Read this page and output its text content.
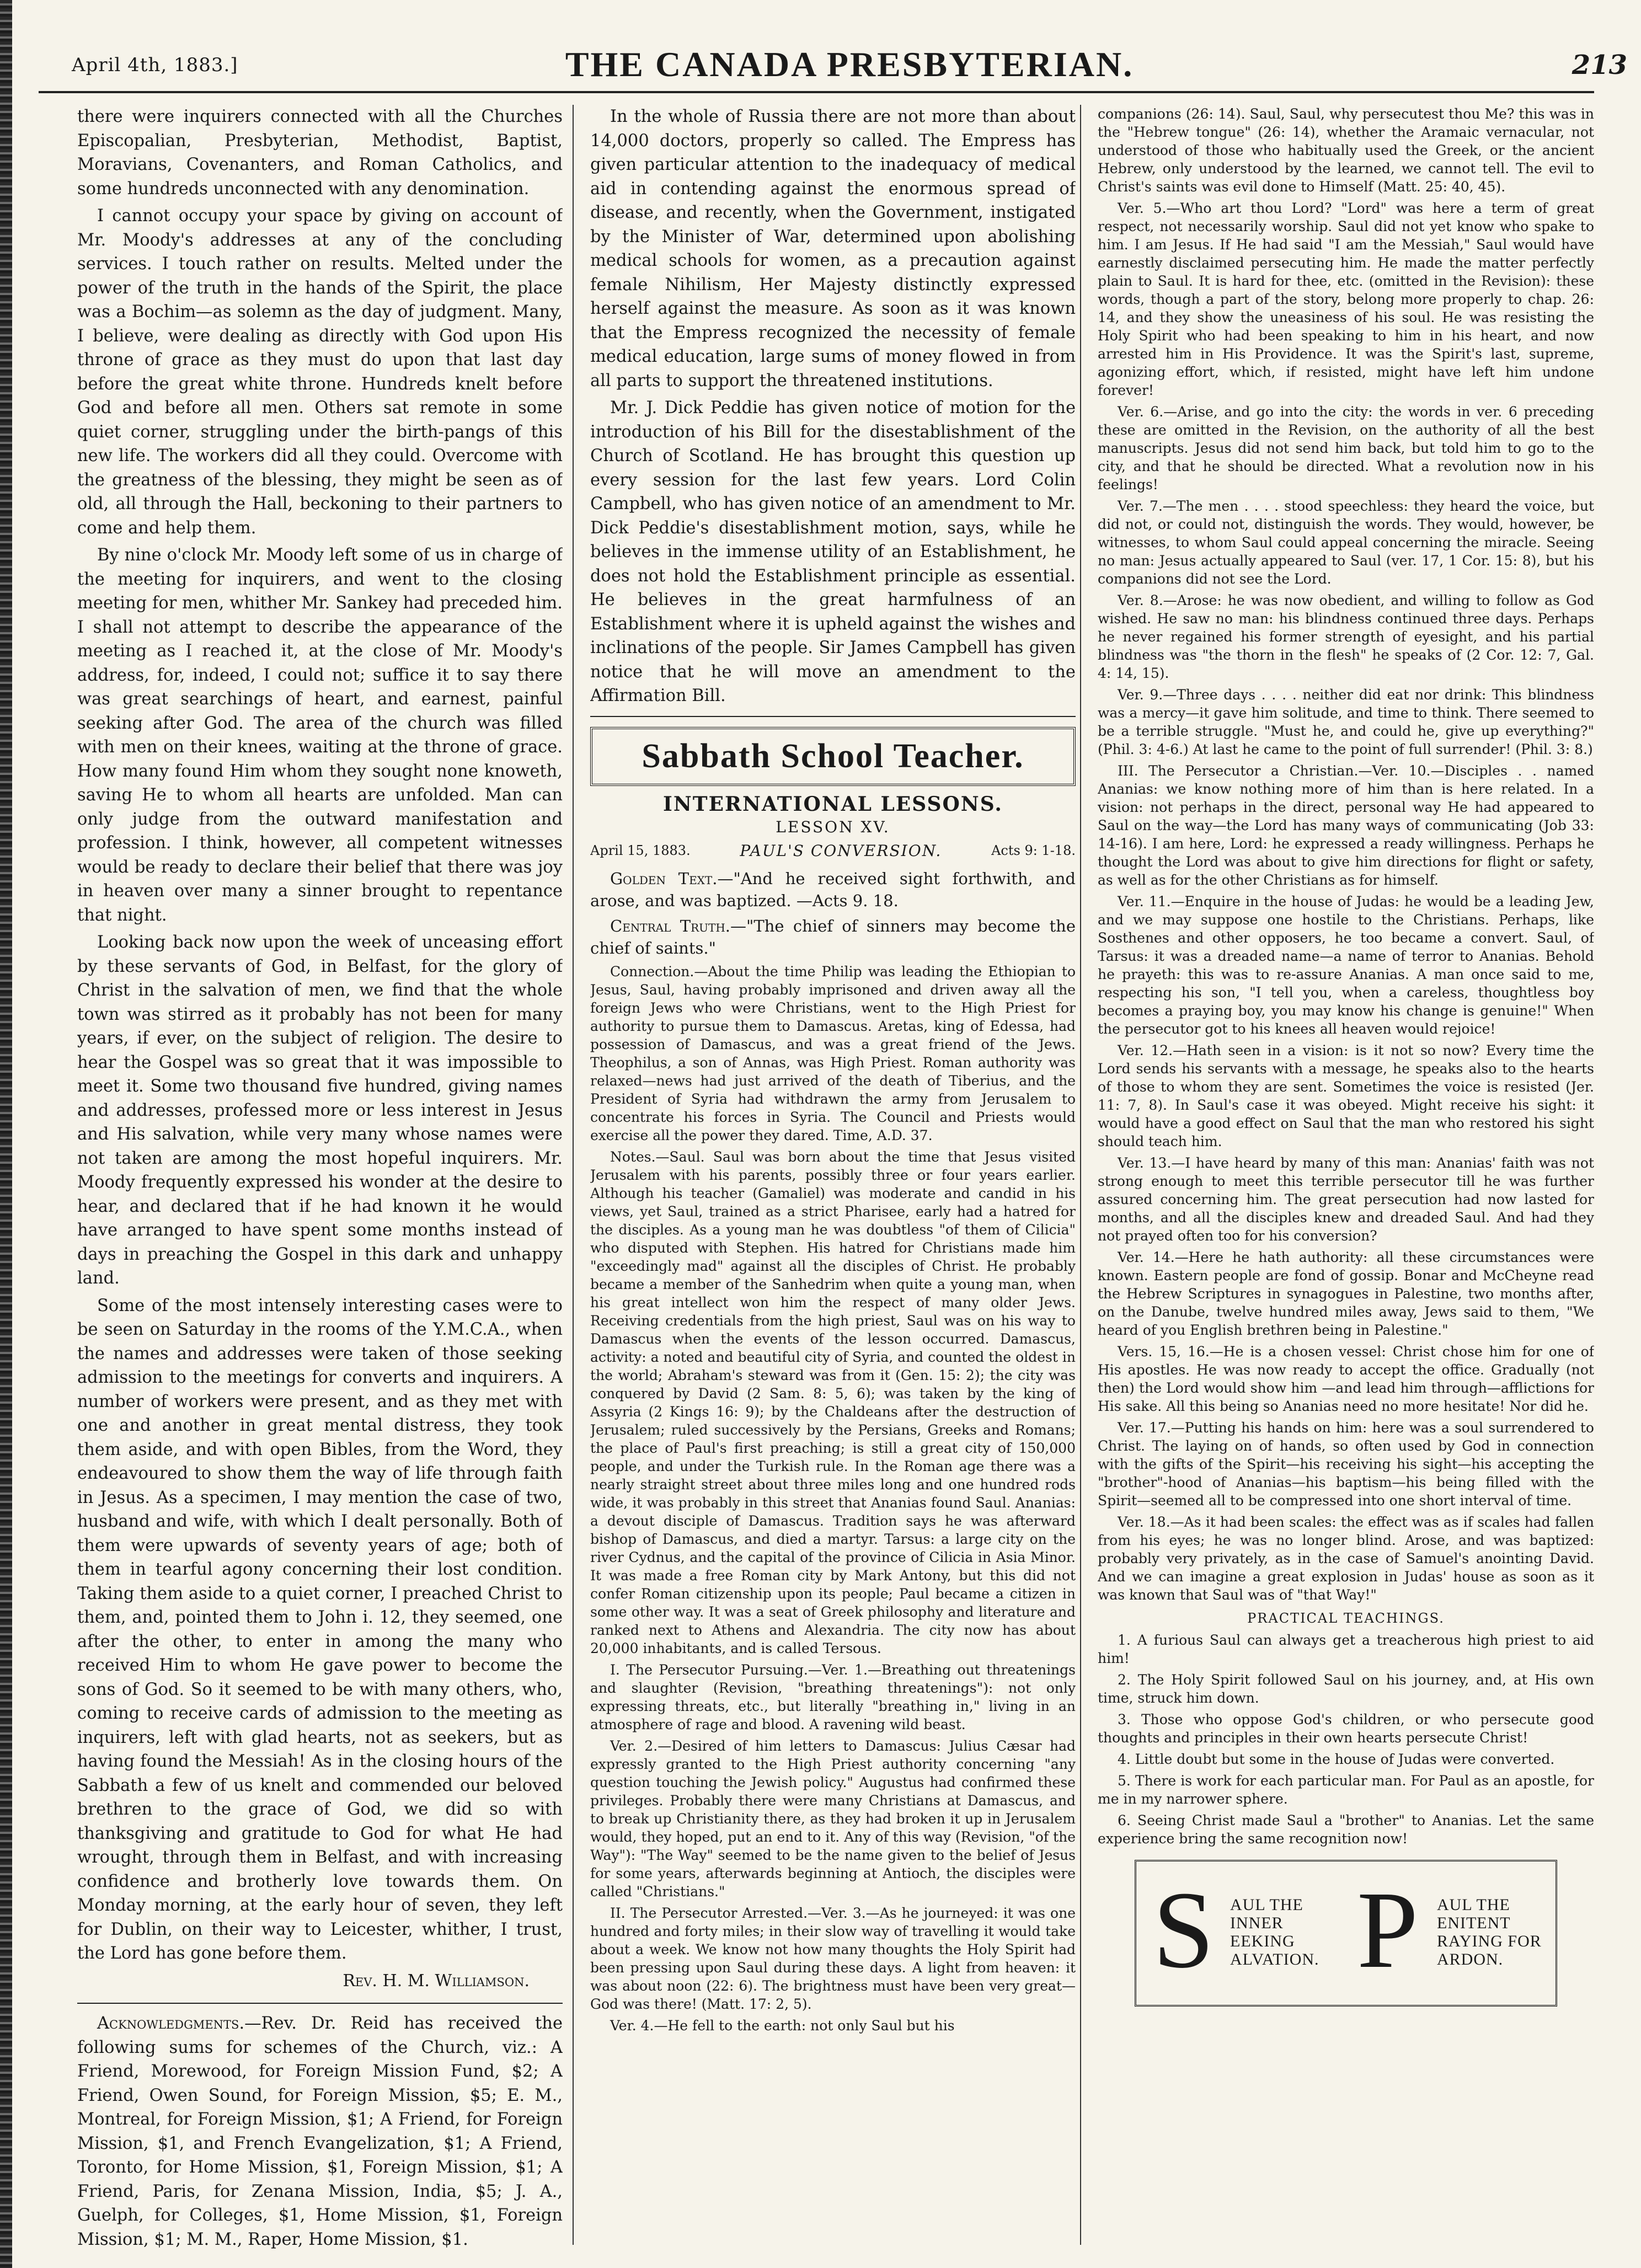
April 4th, 1883.]	THE CANADA PRESBYTERIAN.	213

there were inquirers connected with all the Churches Episcopalian, Presbyterian, Methodist, Baptist, Moravians, Covenanters, and Roman Catholics, and some hundreds unconnected with any denomination.

I cannot occupy your space by giving on account of Mr. Moody's addresses at any of the concluding services. I touch rather on results. Melted under the power of the truth in the hands of the Spirit, the place was a Bochim—as solemn as the day of judgment. Many, I believe, were dealing as directly with God upon His throne of grace as they must do upon that last day before the great white throne. Hundreds knelt before God and before all men. Others sat remote in some quiet corner, struggling under the birth-pangs of this new life. The workers did all they could. Overcome with the greatness of the blessing, they might be seen as of old, all through the Hall, beckoning to their partners to come and help them.

By nine o'clock Mr. Moody left some of us in charge of the meeting for inquirers, and went to the closing meeting for men, whither Mr. Sankey had preceded him. I shall not attempt to describe the appearance of the meeting as I reached it, at the close of Mr. Moody's address, for, indeed, I could not; suffice it to say there was great searchings of heart, and earnest, painful seeking after God. The area of the church was filled with men on their knees, waiting at the throne of grace. How many found Him whom they sought none knoweth, saving He to whom all hearts are unfolded. Man can only judge from the outward manifestation and profession. I think, however, all competent witnesses would be ready to declare their belief that there was joy in heaven over many a sinner brought to repentance that night.

Looking back now upon the week of unceasing effort by these servants of God, in Belfast, for the glory of Christ in the salvation of men, we find that the whole town was stirred as it probably has not been for many years, if ever, on the subject of religion. The desire to hear the Gospel was so great that it was impossible to meet it. Some two thousand five hundred, giving names and addresses, professed more or less interest in Jesus and His salvation, while very many whose names were not taken are among the most hopeful inquirers. Mr. Moody frequently expressed his wonder at the desire to hear, and declared that if he had known it he would have arranged to have spent some months instead of days in preaching the Gospel in this dark and unhappy land.

Some of the most intensely interesting cases were to be seen on Saturday in the rooms of the Y.M.C.A., when the names and addresses were taken of those seeking admission to the meetings for converts and inquirers. A number of workers were present, and as they met with one and another in great mental distress, they took them aside, and with open Bibles, from the Word, they endeavoured to show them the way of life through faith in Jesus. As a specimen, I may mention the case of two, husband and wife, with which I dealt personally. Both of them were upwards of seventy years of age; both of them in tearful agony concerning their lost condition. Taking them aside to a quiet corner, I preached Christ to them, and, pointed them to John i. 12, they seemed, one after the other, to enter in among the many who received Him to whom He gave power to become the sons of God. So it seemed to be with many others, who, coming to receive cards of admission to the meeting as inquirers, left with glad hearts, not as seekers, but as having found the Messiah! As in the closing hours of the Sabbath a few of us knelt and commended our beloved brethren to the grace of God, we did so with thanksgiving and gratitude to God for what He had wrought, through them in Belfast, and with increasing confidence and brotherly love towards them. On Monday morning, at the early hour of seven, they left for Dublin, on their way to Leicester, whither, I trust, the Lord has gone before them.

Rev. H. M. Williamson.

Acknowledgments.—Rev. Dr. Reid has received the following sums for schemes of the Church, viz.: A Friend, Morewood, for Foreign Mission Fund, $2; A Friend, Owen Sound, for Foreign Mission, $5; E. M., Montreal, for Foreign Mission, $1; A Friend, for Foreign Mission, $1, and French Evangelization, $1; A Friend, Toronto, for Home Mission, $1, Foreign Mission, $1; A Friend, Paris, for Zenana Mission, India, $5; J. A., Guelph, for Colleges, $1, Home Mission, $1, Foreign Mission, $1; M. M., Raper, Home Mission, $1.

In the whole of Russia there are not more than about 14,000 doctors, properly so called. The Empress has given particular attention to the inadequacy of medical aid in contending against the enormous spread of disease, and recently, when the Government, instigated by the Minister of War, determined upon abolishing medical schools for women, as a precaution against female Nihilism, Her Majesty distinctly expressed herself against the measure. As soon as it was known that the Empress recognized the necessity of female medical education, large sums of money flowed in from all parts to support the threatened institutions.

Mr. J. Dick Peddie has given notice of motion for the introduction of his Bill for the disestablishment of the Church of Scotland. He has brought this question up every session for the last few years. Lord Colin Campbell, who has given notice of an amendment to Mr. Dick Peddie's disestablishment motion, says, while he believes in the immense utility of an Establishment, he does not hold the Establishment principle as essential. He believes in the great harmfulness of an Establishment where it is upheld against the wishes and inclinations of the people. Sir James Campbell has given notice that he will move an amendment to the Affirmation Bill.

Sabbath School Teacher.
INTERNATIONAL LESSONS.
LESSON XV.
April 15, 1883.	PAUL'S CONVERSION.	Acts 9: 1-18.

Golden Text.—"And he received sight forthwith, and arose, and was baptized. —Acts 9. 18.

Central Truth.—"The chief of sinners may become the chief of saints."

Connection.—About the time Philip was leading the Ethiopian to Jesus, Saul, having probably imprisoned and driven away all the foreign Jews who were Christians, went to the High Priest for authority to pursue them to Damascus. Aretas, king of Edessa, had possession of Damascus, and was a great friend of the Jews. Theophilus, a son of Annas, was High Priest. Roman authority was relaxed—news had just arrived of the death of Tiberius, and the President of Syria had withdrawn the army from Jerusalem to concentrate his forces in Syria. The Council and Priests would exercise all the power they dared. Time, A.D. 37.

Notes.—Saul. Saul was born about the time that Jesus visited Jerusalem with his parents, possibly three or four years earlier. Although his teacher (Gamaliel) was moderate and candid in his views, yet Saul, trained as a strict Pharisee, early had a hatred for the disciples. As a young man he was doubtless "of them of Cilicia" who disputed with Stephen. His hatred for Christians made him "exceedingly mad" against all the disciples of Christ. He probably became a member of the Sanhedrim when quite a young man, when his great intellect won him the respect of many older Jews. Receiving credentials from the high priest, Saul was on his way to Damascus when the events of the lesson occurred. Damascus, activity: a noted and beautiful city of Syria, and counted the oldest in the world; Abraham's steward was from it (Gen. 15: 2); the city was conquered by David (2 Sam. 8: 5, 6); was taken by the king of Assyria (2 Kings 16: 9); by the Chaldeans after the destruction of Jerusalem; ruled successively by the Persians, Greeks and Romans; the place of Paul's first preaching; is still a great city of 150,000 people, and under the Turkish rule. In the Roman age there was a nearly straight street about three miles long and one hundred rods wide, it was probably in this street that Ananias found Saul. Ananias: a devout disciple of Damascus. Tradition says he was afterward bishop of Damascus, and died a martyr. Tarsus: a large city on the river Cydnus, and the capital of the province of Cilicia in Asia Minor. It was made a free Roman city by Mark Antony, but this did not confer Roman citizenship upon its people; Paul became a citizen in some other way. It was a seat of Greek philosophy and literature and ranked next to Athens and Alexandria. The city now has about 20,000 inhabitants, and is called Tersous.

I. The Persecutor Pursuing.—Ver. 1.—Breathing out threatenings and slaughter (Revision, "breathing threatenings"): not only expressing threats, etc., but literally "breathing in," living in an atmosphere of rage and blood. A ravening wild beast.

Ver. 2.—Desired of him letters to Damascus: Julius Cæsar had expressly granted to the High Priest authority concerning "any question touching the Jewish policy." Augustus had confirmed these privileges. Probably there were many Christians at Damascus, and to break up Christianity there, as they had broken it up in Jerusalem would, they hoped, put an end to it. Any of this way (Revision, "of the Way"): "The Way" seemed to be the name given to the belief of Jesus for some years, afterwards beginning at Antioch, the disciples were called "Christians."

II. The Persecutor Arrested.—Ver. 3.—As he journeyed: it was one hundred and forty miles; in their slow way of travelling it would take about a week. We know not how many thoughts the Holy Spirit had been pressing upon Saul during these days. A light from heaven: it was about noon (22: 6). The brightness must have been very great—God was there! (Matt. 17: 2, 5).

Ver. 4.—He fell to the earth: not only Saul but his

companions (26: 14). Saul, Saul, why persecutest thou Me? this was in the "Hebrew tongue" (26: 14), whether the Aramaic vernacular, not understood of those who habitually used the Greek, or the ancient Hebrew, only understood by the learned, we cannot tell. The evil to Christ's saints was evil done to Himself (Matt. 25: 40, 45).

Ver. 5.—Who art thou Lord? "Lord" was here a term of great respect, not necessarily worship. Saul did not yet know who spake to him. I am Jesus. If He had said "I am the Messiah," Saul would have earnestly disclaimed persecuting him. He made the matter perfectly plain to Saul. It is hard for thee, etc. (omitted in the Revision): these words, though a part of the story, belong more properly to chap. 26: 14, and they show the uneasiness of his soul. He was resisting the Holy Spirit who had been speaking to him in his heart, and now arrested him in His Providence. It was the Spirit's last, supreme, agonizing effort, which, if resisted, might have left him undone forever!

Ver. 6.—Arise, and go into the city: the words in ver. 6 preceding these are omitted in the Revision, on the authority of all the best manuscripts. Jesus did not send him back, but told him to go to the city, and that he should be directed. What a revolution now in his feelings!

Ver. 7.—The men . . . . stood speechless: they heard the voice, but did not, or could not, distinguish the words. They would, however, be witnesses, to whom Saul could appeal concerning the miracle. Seeing no man: Jesus actually appeared to Saul (ver. 17, 1 Cor. 15: 8), but his companions did not see the Lord.

Ver. 8.—Arose: he was now obedient, and willing to follow as God wished. He saw no man: his blindness continued three days. Perhaps he never regained his former strength of eyesight, and his partial blindness was "the thorn in the flesh" he speaks of (2 Cor. 12: 7, Gal. 4: 14, 15).

Ver. 9.—Three days . . . . neither did eat nor drink: This blindness was a mercy—it gave him solitude, and time to think. There seemed to be a terrible struggle. "Must he, and could he, give up everything?" (Phil. 3: 4-6.) At last he came to the point of full surrender! (Phil. 3: 8.)

III. The Persecutor a Christian.—Ver. 10.—Disciples . . named Ananias: we know nothing more of him than is here related. In a vision: not perhaps in the direct, personal way He had appeared to Saul on the way—the Lord has many ways of communicating (Job 33: 14-16). I am here, Lord: he expressed a ready willingness. Perhaps he thought the Lord was about to give him directions for flight or safety, as well as for the other Christians as for himself.

Ver. 11.—Enquire in the house of Judas: he would be a leading Jew, and we may suppose one hostile to the Christians. Perhaps, like Sosthenes and other opposers, he too became a convert. Saul, of Tarsus: it was a dreaded name—a name of terror to Ananias. Behold he prayeth: this was to re-assure Ananias. A man once said to me, respecting his son, "I tell you, when a careless, thoughtless boy becomes a praying boy, you may know his change is genuine!" When the persecutor got to his knees all heaven would rejoice!

Ver. 12.—Hath seen in a vision: is it not so now? Every time the Lord sends his servants with a message, he speaks also to the hearts of those to whom they are sent. Sometimes the voice is resisted (Jer. 11: 7, 8). In Saul's case it was obeyed. Might receive his sight: it would have a good effect on Saul that the man who restored his sight should teach him.

Ver. 13.—I have heard by many of this man: Ananias' faith was not strong enough to meet this terrible persecutor till he was further assured concerning him. The great persecution had now lasted for months, and all the disciples knew and dreaded Saul. And had they not prayed often too for his conversion?

Ver. 14.—Here he hath authority: all these circumstances were known. Eastern people are fond of gossip. Bonar and McCheyne read the Hebrew Scriptures in synagogues in Palestine, two months after, on the Danube, twelve hundred miles away, Jews said to them, "We heard of you English brethren being in Palestine."

Vers. 15, 16.—He is a chosen vessel: Christ chose him for one of His apostles. He was now ready to accept the office. Gradually (not then) the Lord would show him —and lead him through—afflictions for His sake. All this being so Ananias need no more hesitate! Nor did he.

Ver. 17.—Putting his hands on him: here was a soul surrendered to Christ. The laying on of hands, so often used by God in connection with the gifts of the Spirit—his receiving his sight—his accepting the "brother"-hood of Ananias—his baptism—his being filled with the Spirit—seemed all to be compressed into one short interval of time.

Ver. 18.—As it had been scales: the effect was as if scales had fallen from his eyes; he was no longer blind. Arose, and was baptized: probably very privately, as in the case of Samuel's anointing David. And we can imagine a great explosion in Judas' house as soon as it was known that Saul was of "that Way!"

PRACTICAL TEACHINGS.

1. A furious Saul can always get a treacherous high priest to aid him!

2. The Holy Spirit followed Saul on his journey, and, at His own time, struck him down.

3. Those who oppose God's children, or who persecute good thoughts and principles in their own hearts persecute Christ!

4. Little doubt but some in the house of Judas were converted.

5. There is work for each particular man. For Paul as an apostle, for me in my narrower sphere.

6. Seeing Christ made Saul a "brother" to Ananias. Let the same experience bring the same recognition now!

S AUL THE
INNER
EEKING
ALVATION. P AUL THE
ENITENT
RAYING FOR
ARDON.
